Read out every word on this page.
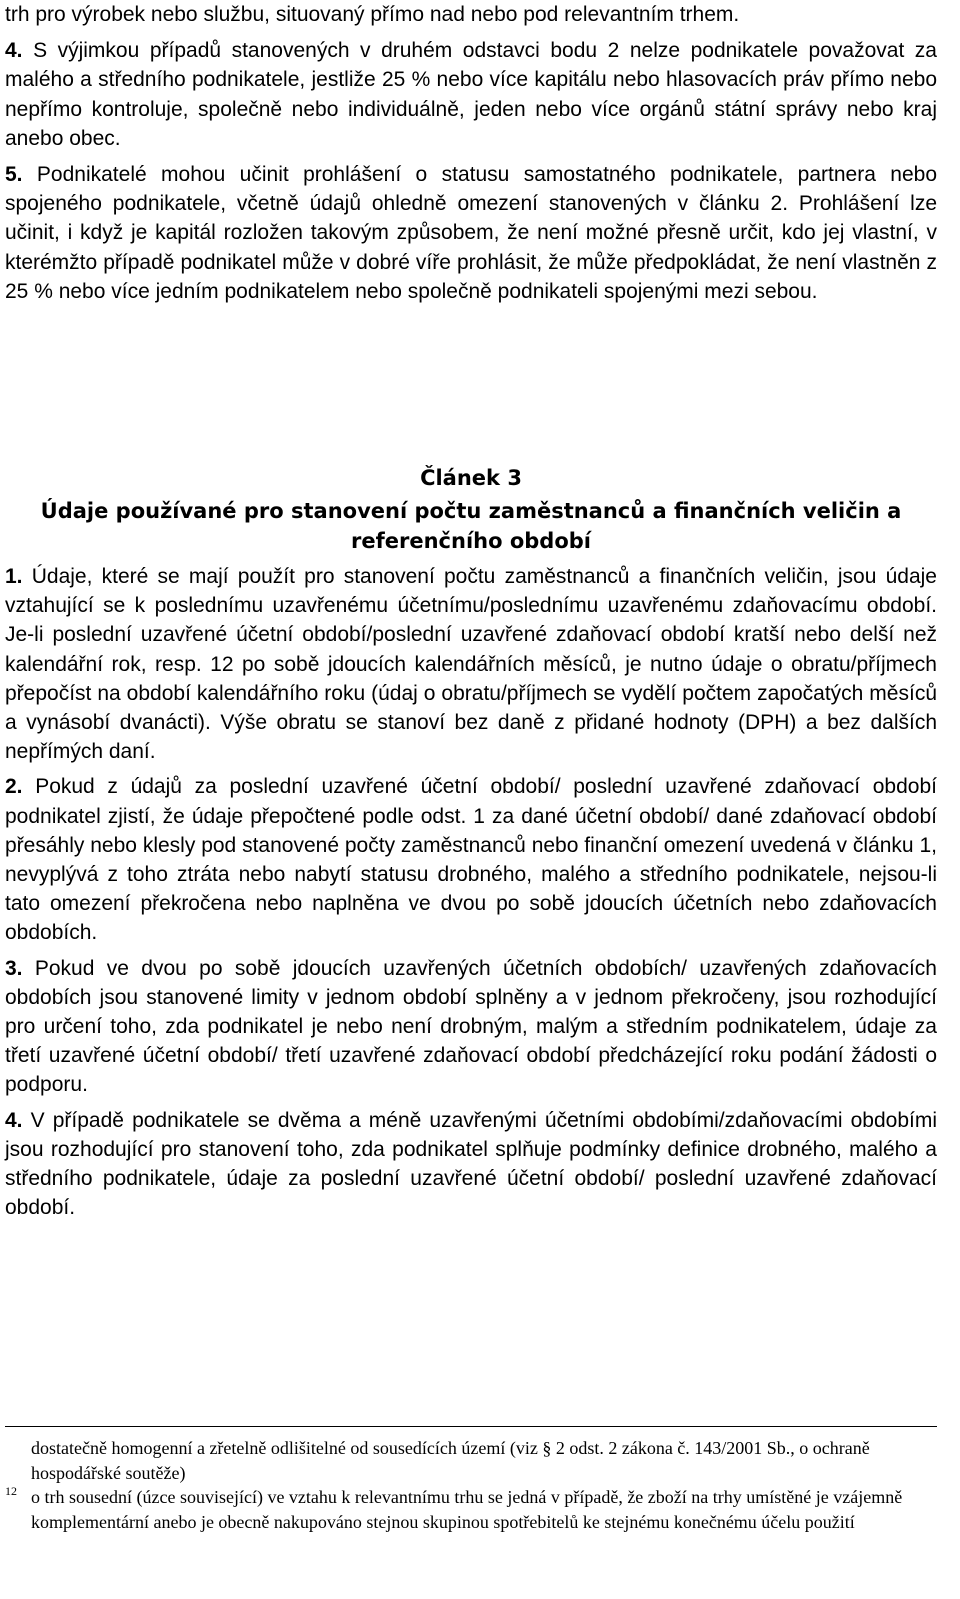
trh pro výrobek nebo službu, situovaný přímo nad nebo pod relevantním trhem.

4. S výjimkou případů stanovených v druhém odstavci bodu 2 nelze podnikatele považovat za malého a středního podnikatele, jestliže 25 % nebo více kapitálu nebo hlasovacích práv přímo nebo nepřímo kontroluje, společně nebo individuálně, jeden nebo více orgánů státní správy nebo kraj anebo obec.

5. Podnikatelé mohou učinit prohlášení o statusu samostatného podnikatele, partnera nebo spojeného podnikatele, včetně údajů ohledně omezení stanovených v článku 2. Prohlášení lze učinit, i když je kapitál rozložen takovým způsobem, že není možné přesně určit, kdo jej vlastní, v kterémžto případě podnikatel může v dobré víře prohlásit, že může předpokládat, že není vlastněn z 25 % nebo více jedním podnikatelem nebo společně podnikateli spojenými mezi sebou.

Článek 3
Údaje používané pro stanovení počtu zaměstnanců a finančních veličin a referenčního období

1. Údaje, které se mají použít pro stanovení počtu zaměstnanců a finančních veličin, jsou údaje vztahující se k poslednímu uzavřenému účetnímu/poslednímu uzavřenému zdaňovacímu období. Je-li poslední uzavřené účetní období/poslední uzavřené zdaňovací období kratší nebo delší než kalendářní rok, resp. 12 po sobě jdoucích kalendářních měsíců, je nutno údaje o obratu/příjmech přepočíst na období kalendářního roku (údaj o obratu/příjmech se vydělí počtem započatých měsíců a vynásobí dvanácti). Výše obratu se stanoví bez daně z přidané hodnoty (DPH) a bez dalších nepřímých daní.

2. Pokud z údajů za poslední uzavřené účetní období/ poslední uzavřené zdaňovací období podnikatel zjistí, že údaje přepočtené podle odst. 1 za dané účetní období/ dané zdaňovací období přesáhly nebo klesly pod stanovené počty zaměstnanců nebo finanční omezení uvedená v článku 1, nevyplývá z toho ztráta nebo nabytí statusu drobného, malého a středního podnikatele, nejsou-li tato omezení překročena nebo naplněna ve dvou po sobě jdoucích účetních nebo zdaňovacích obdobích.

3. Pokud ve dvou po sobě jdoucích uzavřených účetních obdobích/ uzavřených zdaňovacích obdobích jsou stanovené limity v jednom období splněny a v jednom překročeny, jsou rozhodující pro určení toho, zda podnikatel je nebo není drobným, malým a středním podnikatelem, údaje za třetí uzavřené účetní období/ třetí uzavřené zdaňovací období předcházející roku podání žádosti o podporu.

4. V případě podnikatele se dvěma a méně uzavřenými účetními obdobími/zdaňovacími obdobími jsou rozhodující pro stanovení toho, zda podnikatel splňuje podmínky definice drobného, malého a středního podnikatele, údaje za poslední uzavřené účetní období/ poslední uzavřené zdaňovací období.

dostatečně homogenní a zřetelně odlišitelné od sousedících území (viz § 2 odst. 2 zákona č. 143/2001 Sb., o ochraně hospodářské soutěže)

12 o trh sousední (úzce související) ve vztahu k relevantnímu trhu se jedná v případě, že zboží na trhy umístěné je vzájemně komplementární anebo je obecně nakupováno stejnou skupinou spotřebitelů ke stejnému konečnému účelu použití
